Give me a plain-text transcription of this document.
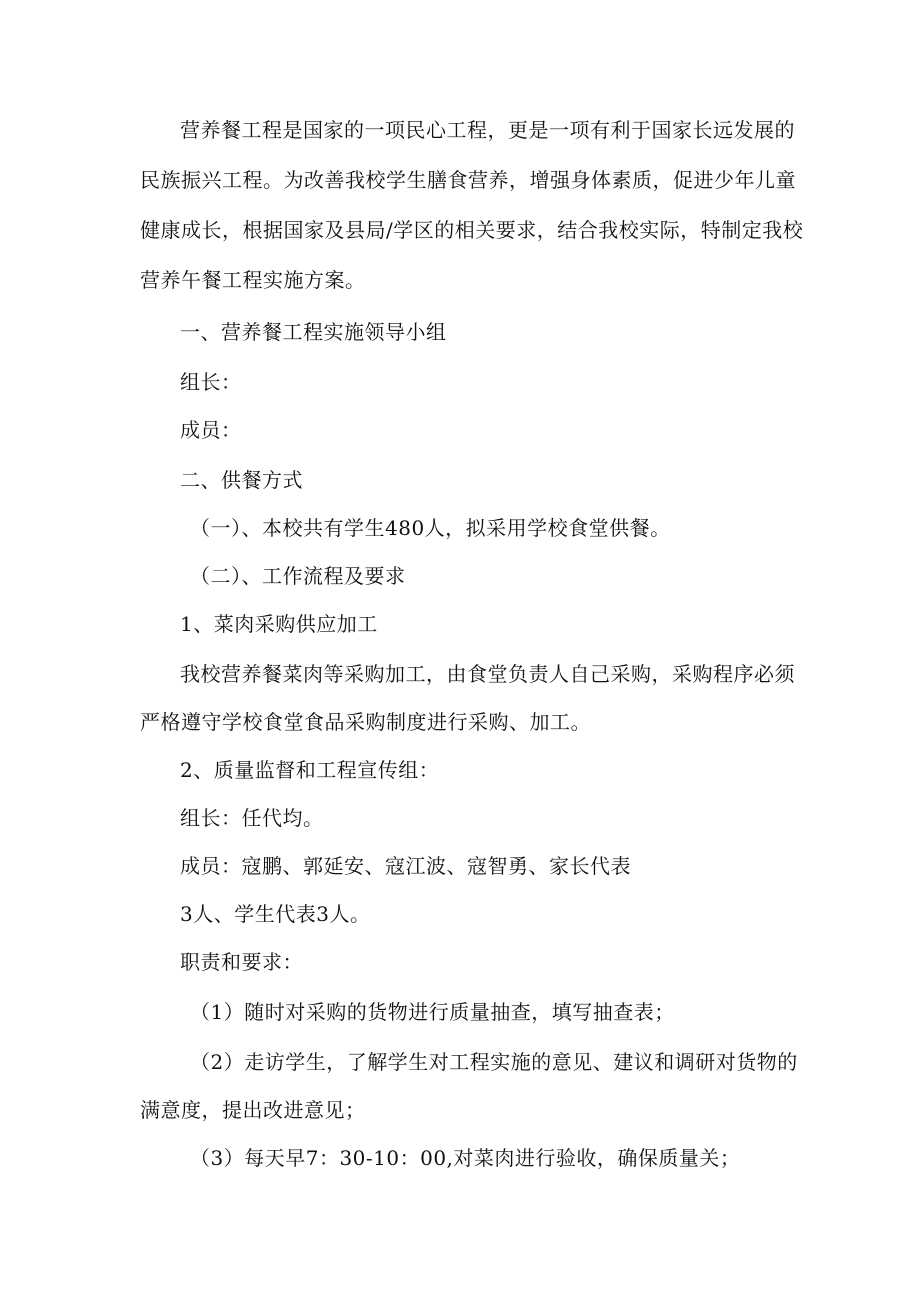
营养餐工程是国家的一项民心工程，更是一项有利于国家长远发展的

民族振兴工程。为改善我校学生膳食营养，增强身体素质，促进少年儿童

健康成长，根据国家及县局/学区的相关要求，结合我校实际，特制定我校

营养午餐工程实施方案。

一、营养餐工程实施领导小组

组长：

成员：

二、供餐方式

（一）、本校共有学生480人，拟采用学校食堂供餐。

（二）、工作流程及要求

1、菜肉采购供应加工

我校营养餐菜肉等采购加工，由食堂负责人自己采购，采购程序必须

严格遵守学校食堂食品采购制度进行采购、加工。

2、质量监督和工程宣传组：

组长：任代均。

成员：寇鹏、郭延安、寇江波、寇智勇、家长代表

3人、学生代表3人。

职责和要求：

（1）随时对采购的货物进行质量抽查，填写抽查表；

（2）走访学生，了解学生对工程实施的意见、建议和调研对货物的

满意度，提出改进意见；

（3）每天早7：30-10：00,对菜肉进行验收，确保质量关；
